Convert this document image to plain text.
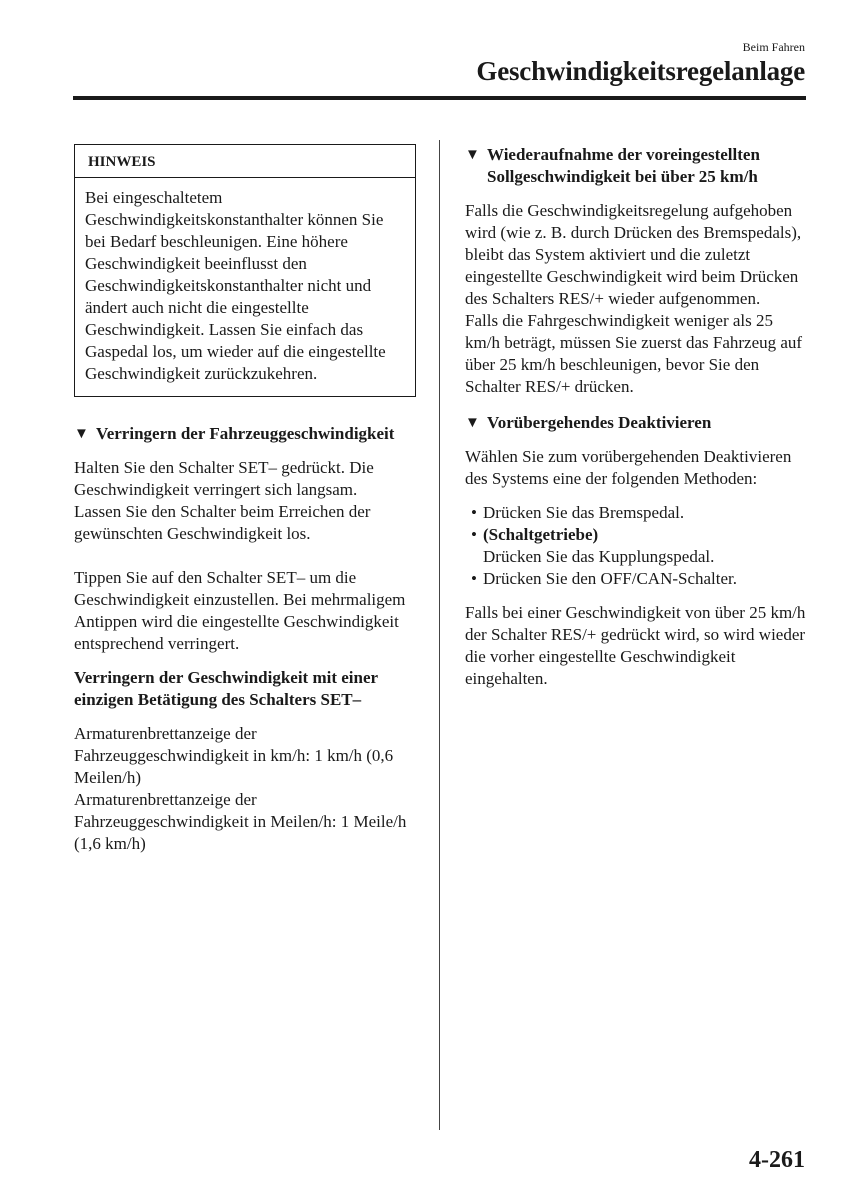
Beim Fahren
Geschwindigkeitsregelanlage
HINWEIS
Bei eingeschaltetem Geschwindigkeitskonstanthalter können Sie bei Bedarf beschleunigen. Eine höhere Geschwindigkeit beeinflusst den Geschwindigkeitskonstanthalter nicht und ändert auch nicht die eingestellte Geschwindigkeit. Lassen Sie einfach das Gaspedal los, um wieder auf die eingestellte Geschwindigkeit zurückzukehren.
▼ Verringern der Fahrzeuggeschwindigkeit

Halten Sie den Schalter SET– gedrückt. Die Geschwindigkeit verringert sich langsam.

Lassen Sie den Schalter beim Erreichen der gewünschten Geschwindigkeit los.

Tippen Sie auf den Schalter SET– um die Geschwindigkeit einzustellen. Bei mehrmaligem Antippen wird die eingestellte Geschwindigkeit entsprechend verringert.

Verringern der Geschwindigkeit mit einer einzigen Betätigung des Schalters SET–

Armaturenbrettanzeige der Fahrzeuggeschwindigkeit in km/h: 1 km/h (0,6 Meilen/h)

Armaturenbrettanzeige der Fahrzeuggeschwindigkeit in Meilen/h: 1 Meile/h (1,6 km/h)

▼ Wiederaufnahme der voreingestellten Sollgeschwindigkeit bei über 25 km/h

Falls die Geschwindigkeitsregelung aufgehoben wird (wie z. B. durch Drücken des Bremspedals), bleibt das System aktiviert und die zuletzt eingestellte Geschwindigkeit wird beim Drücken des Schalters RES/+ wieder aufgenommen.

Falls die Fahrgeschwindigkeit weniger als 25 km/h beträgt, müssen Sie zuerst das Fahrzeug auf über 25 km/h beschleunigen, bevor Sie den Schalter RES/+ drücken.

▼ Vorübergehendes Deaktivieren

Wählen Sie zum vorübergehenden Deaktivieren des Systems eine der folgenden Methoden:

• Drücken Sie das Bremspedal.
• (Schaltgetriebe)
Drücken Sie das Kupplungspedal.
• Drücken Sie den OFF/CAN-Schalter.

Falls bei einer Geschwindigkeit von über 25 km/h der Schalter RES/+ gedrückt wird, so wird wieder die vorher eingestellte Geschwindigkeit eingehalten.

4-261
